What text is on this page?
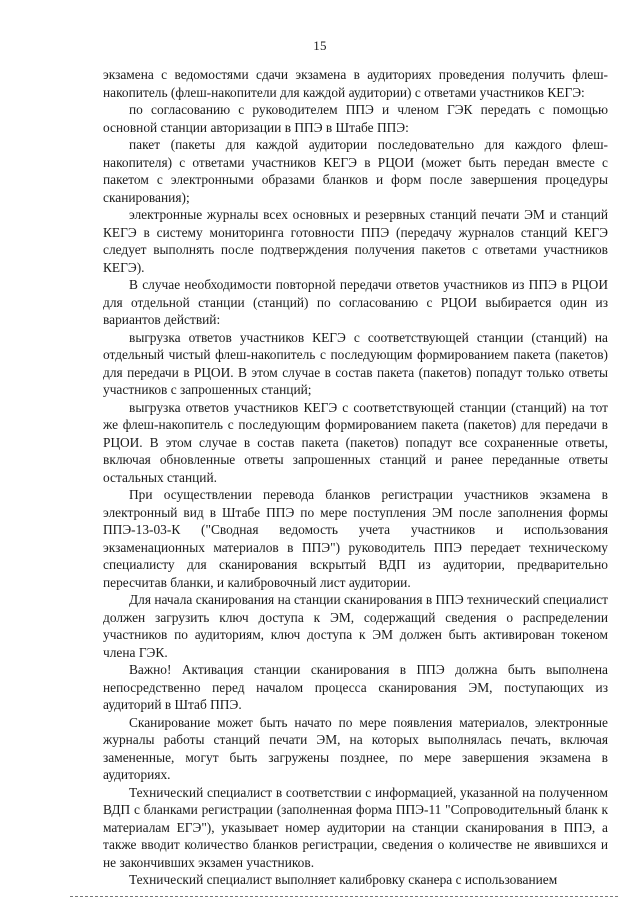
15

экзамена с ведомостями сдачи экзамена в аудиториях проведения получить флеш-накопитель (флеш-накопители для каждой аудитории) с ответами участников КЕГЭ:

по согласованию с руководителем ППЭ и членом ГЭК передать с помощью основной станции авторизации в ППЭ в Штабе ППЭ:

пакет (пакеты для каждой аудитории последовательно для каждого флеш-накопителя) с ответами участников КЕГЭ в РЦОИ (может быть передан вместе с пакетом с электронными образами бланков и форм после завершения процедуры сканирования);

электронные журналы всех основных и резервных станций печати ЭМ и станций КЕГЭ в систему мониторинга готовности ППЭ (передачу журналов станций КЕГЭ следует выполнять после подтверждения получения пакетов с ответами участников КЕГЭ).

В случае необходимости повторной передачи ответов участников из ППЭ в РЦОИ для отдельной станции (станций) по согласованию с РЦОИ выбирается один из вариантов действий:

выгрузка ответов участников КЕГЭ с соответствующей станции (станций) на отдельный чистый флеш-накопитель с последующим формированием пакета (пакетов) для передачи в РЦОИ. В этом случае в состав пакета (пакетов) попадут только ответы участников с запрошенных станций;

выгрузка ответов участников КЕГЭ с соответствующей станции (станций) на тот же флеш-накопитель с последующим формированием пакета (пакетов) для передачи в РЦОИ. В этом случае в состав пакета (пакетов) попадут все сохраненные ответы, включая обновленные ответы запрошенных станций и ранее переданные ответы остальных станций.

При осуществлении перевода бланков регистрации участников экзамена в электронный вид в Штабе ППЭ по мере поступления ЭМ после заполнения формы ППЭ-13-03-К ("Сводная ведомость учета участников и использования экзаменационных материалов в ППЭ") руководитель ППЭ передает техническому специалисту для сканирования вскрытый ВДП из аудитории, предварительно пересчитав бланки, и калибровочный лист аудитории.

Для начала сканирования на станции сканирования в ППЭ технический специалист должен загрузить ключ доступа к ЭМ, содержащий сведения о распределении участников по аудиториям, ключ доступа к ЭМ должен быть активирован токеном члена ГЭК.

Важно! Активация станции сканирования в ППЭ должна быть выполнена непосредственно перед началом процесса сканирования ЭМ, поступающих из аудиторий в Штаб ППЭ.

Сканирование может быть начато по мере появления материалов, электронные журналы работы станций печати ЭМ, на которых выполнялась печать, включая замененные, могут быть загружены позднее, по мере завершения экзамена в аудиториях.

Технический специалист в соответствии с информацией, указанной на полученном ВДП с бланками регистрации (заполненная форма ППЭ-11 "Сопроводительный бланк к материалам ЕГЭ"), указывает номер аудитории на станции сканирования в ППЭ, а также вводит количество бланков регистрации, сведения о количестве не явившихся и не закончивших экзамен участников.

Технический специалист выполняет калибровку сканера с использованием
